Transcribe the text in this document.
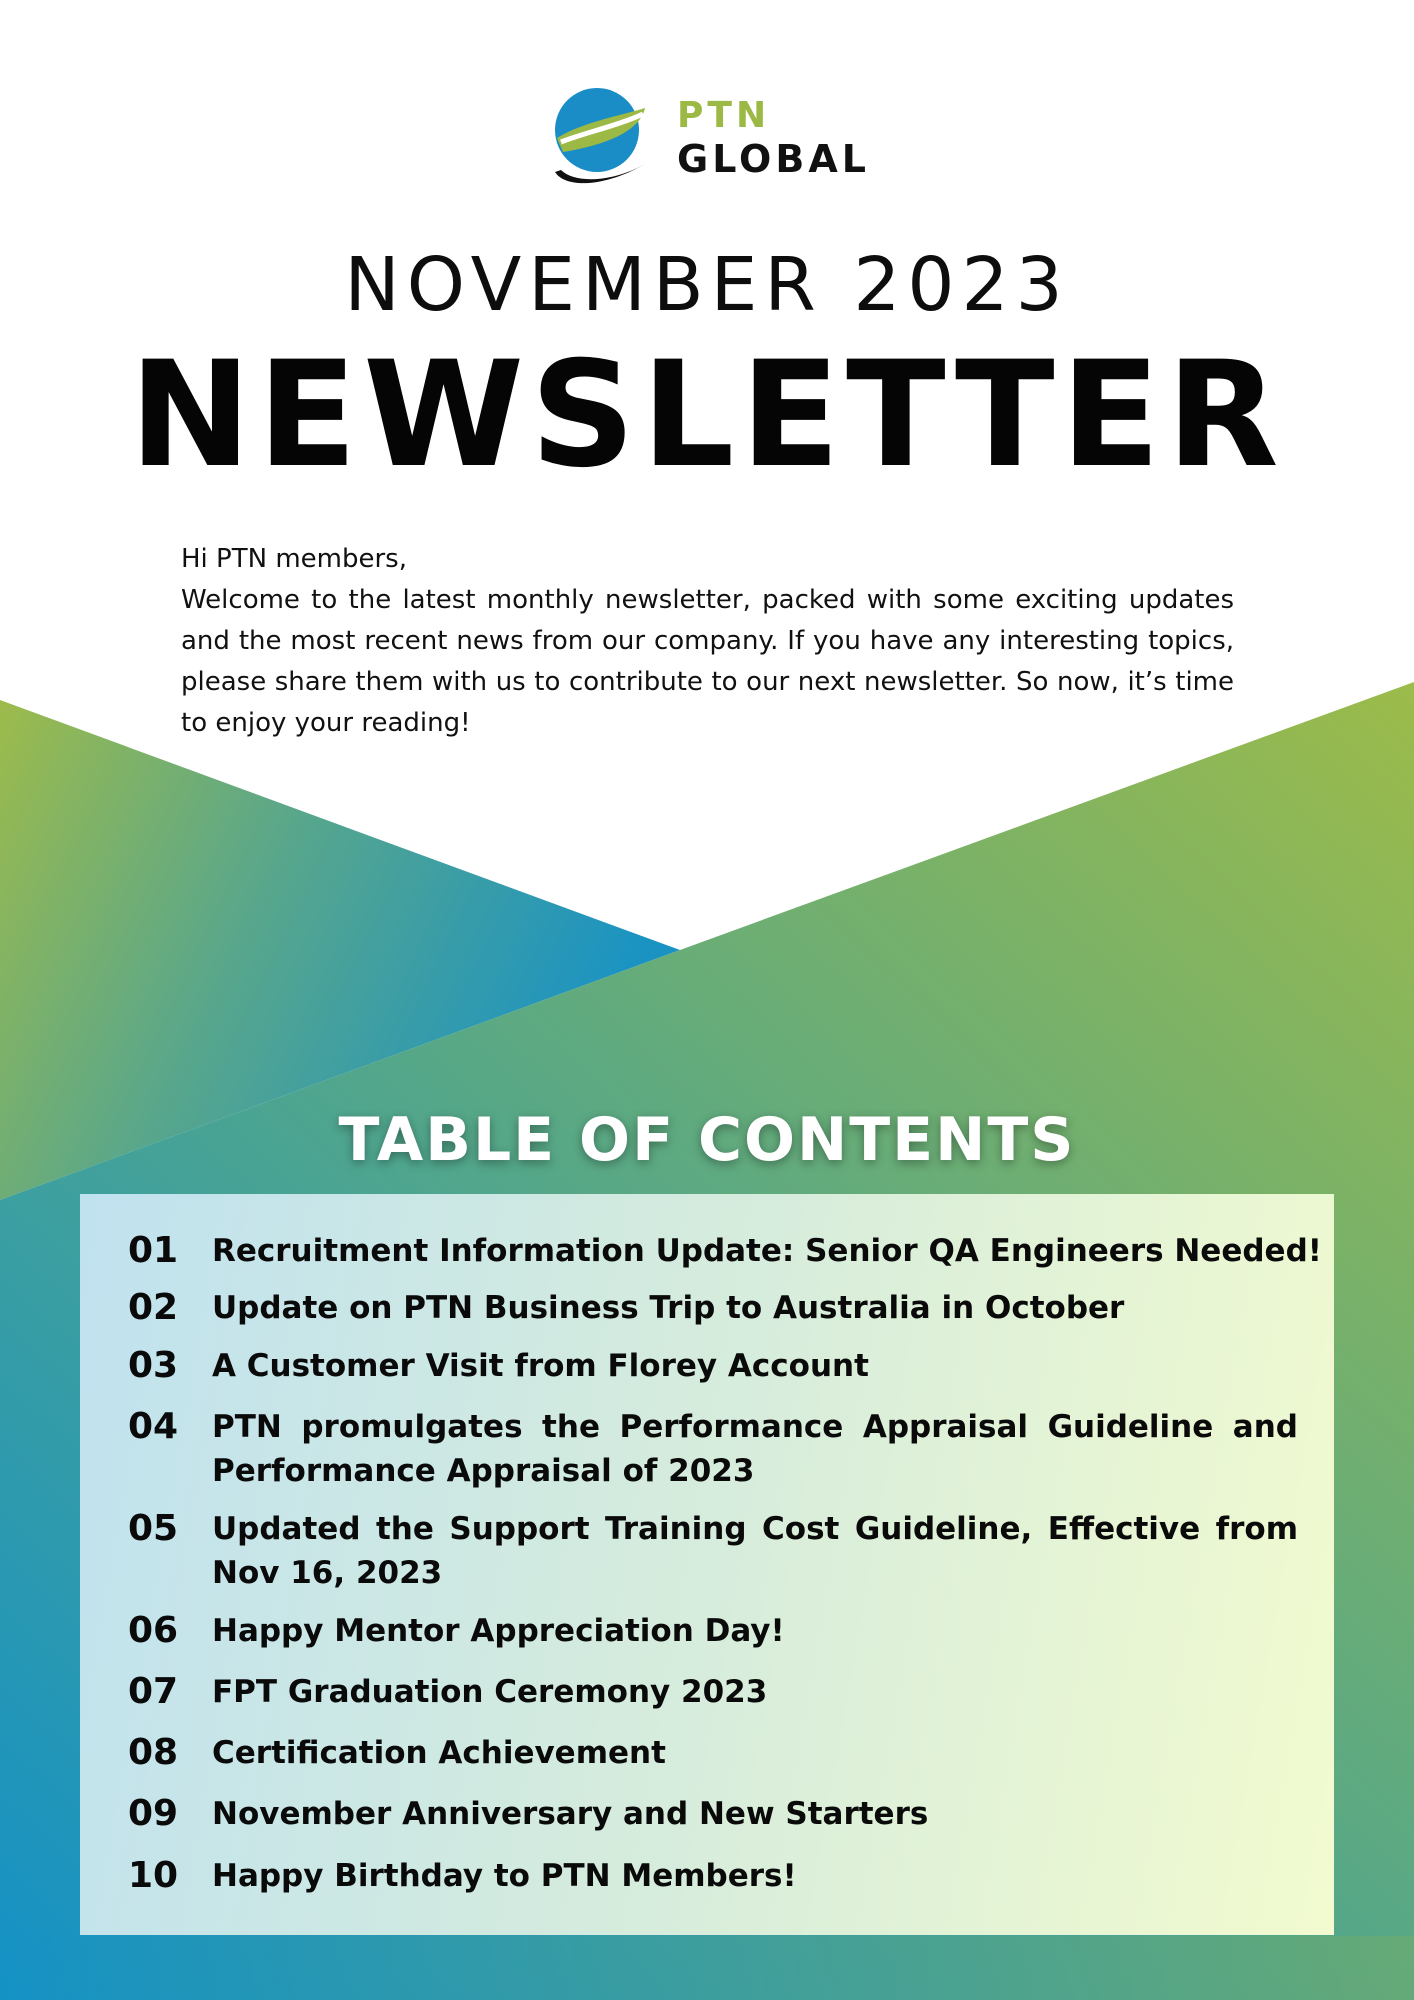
PTN
GLOBAL
NOVEMBER 2023
NEWSLETTER
Hi PTN members,
Welcome to the latest monthly newsletter, packed with some exciting updates and the most recent news from our company. If you have any interesting topics, please share them with us to contribute to our next newsletter. So now, it’s time to enjoy your reading!
TABLE OF CONTENTS
01	Recruitment Information Update: Senior QA Engineers Needed!
02	Update on PTN Business Trip to Australia in October
03	A Customer Visit from Florey Account
04	PTN promulgates the Performance Appraisal Guideline and Performance Appraisal of 2023
05	Updated the Support Training Cost Guideline, Effective from Nov 16, 2023
06	Happy Mentor Appreciation Day!
07	FPT Graduation Ceremony 2023
08	Certification Achievement
09	November Anniversary and New Starters
10	Happy Birthday to PTN Members!
